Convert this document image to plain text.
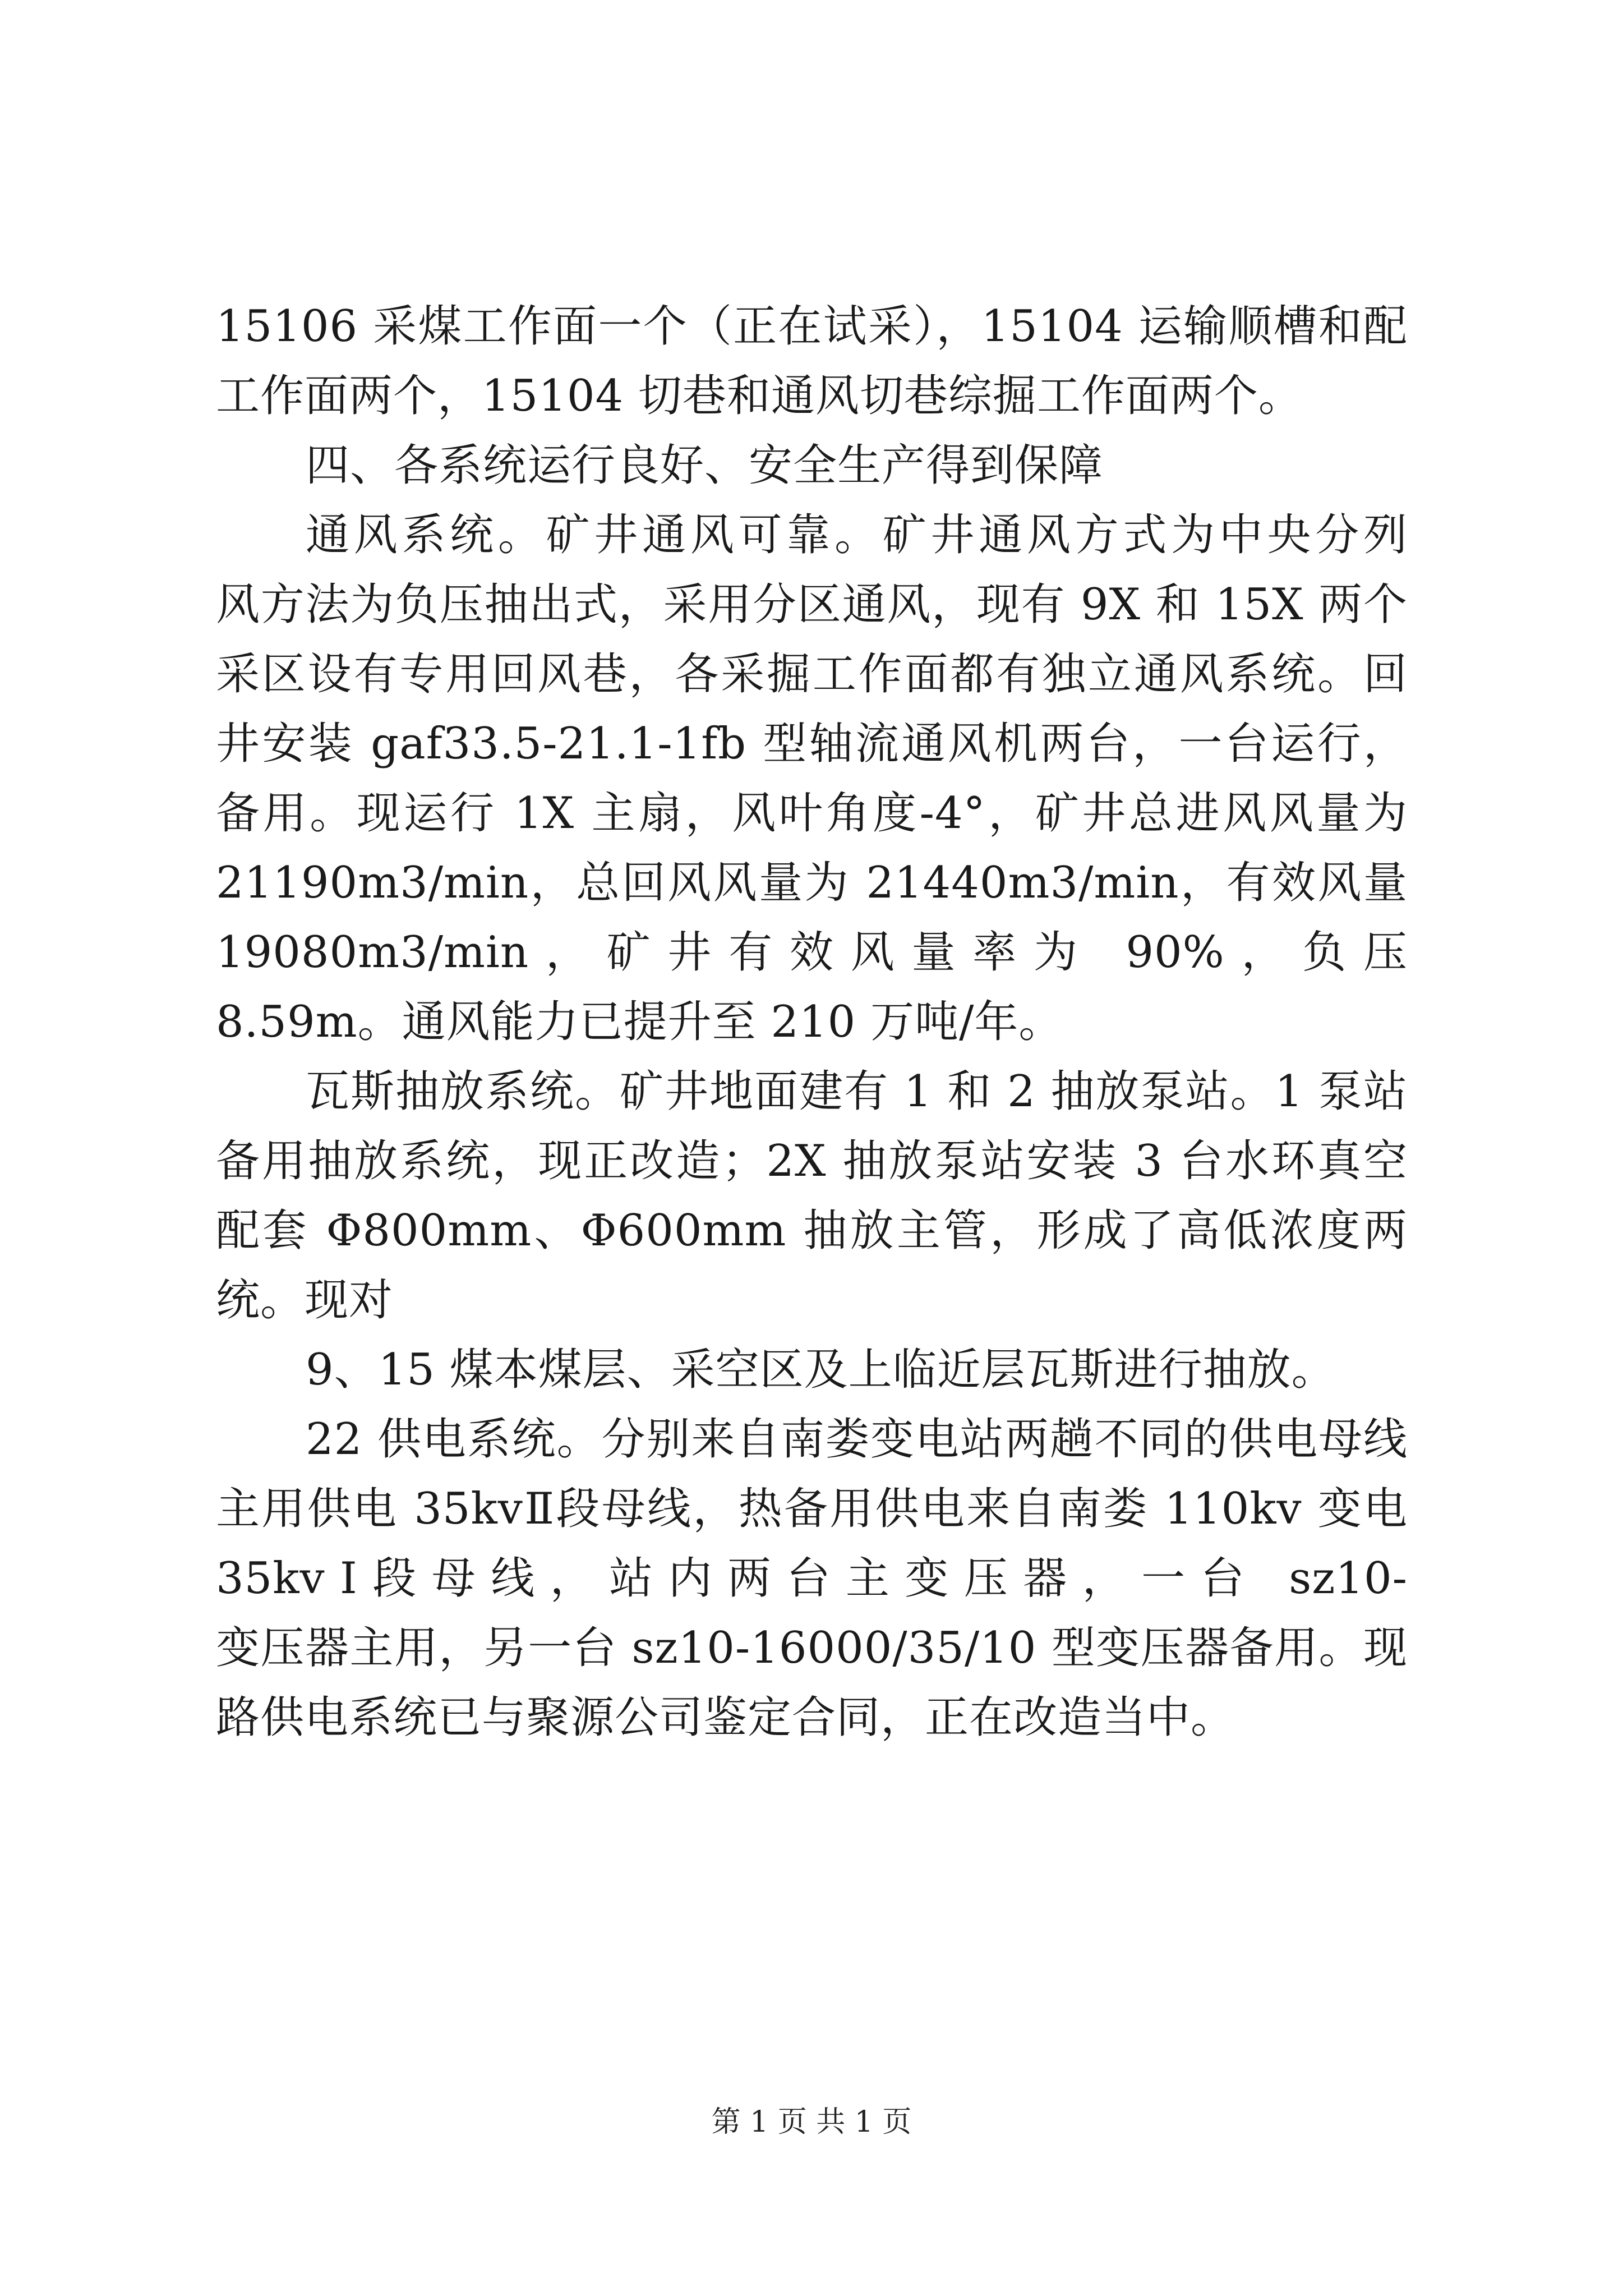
15106 采煤工作面一个（正在试采），15104 运输顺槽和配
工作面两个，15104 切巷和通风切巷综掘工作面两个。
四、各系统运行良好、安全生产得到保障
通风系统。矿井通风可靠。矿井通风方式为中央分列
风方法为负压抽出式，采用分区通风，现有 9X 和 15X 两个
采区设有专用回风巷，各采掘工作面都有独立通风系统。回
井安装 gaf33.5-21.1-1fb 型轴流通风机两台，一台运行，
备用。现运行 1X 主扇，风叶角度-4°，矿井总进风风量为
21190m3/min，总回风风量为 21440m3/min，有效风量
19080m3/min，矿井有效风量率为 90%，负压
8.59m。通风能力已提升至 210 万吨/年。
瓦斯抽放系统。矿井地面建有 1 和 2 抽放泵站。1 泵站
备用抽放系统，现正改造；2X 抽放泵站安装 3 台水环真空
配套 Φ800mm、Φ600mm 抽放主管，形成了高低浓度两
统。现对
9、15 煤本煤层、采空区及上临近层瓦斯进行抽放。
22 供电系统。分别来自南娄变电站两趟不同的供电母线
主用供电 35kvⅡ段母线，热备用供电来自南娄 110kv 变电
35kvⅠ段母线，站内两台主变压器，一台 sz10-
变压器主用，另一台 sz10-16000/35/10 型变压器备用。现
路供电系统已与聚源公司鉴定合同，正在改造当中。
第 1 页 共 1 页
